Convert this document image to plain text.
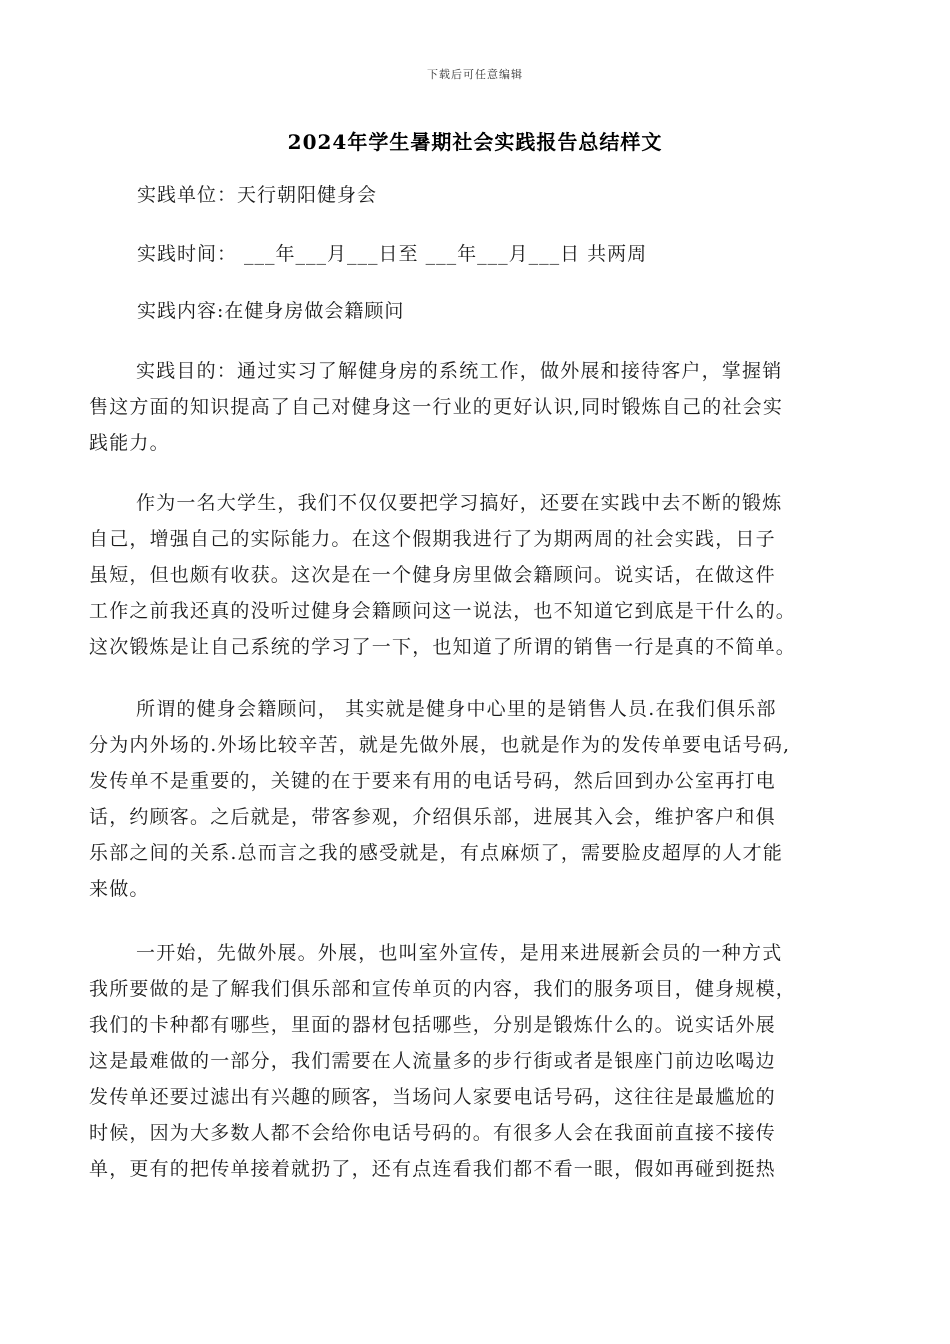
下载后可任意编辑
2024年学生暑期社会实践报告总结样文
实践单位：天行朝阳健身会
实践时间： ___年___月___日至 ___年___月___日 共两周
实践内容:在健身房做会籍顾问
实践目的：通过实习了解健身房的系统工作，做外展和接待客户，掌握销
售这方面的知识提高了自己对健身这一行业的更好认识,同时锻炼自己的社会实
践能力。
作为一名大学生，我们不仅仅要把学习搞好，还要在实践中去不断的锻炼
自己，增强自己的实际能力。在这个假期我进行了为期两周的社会实践，日子
虽短，但也颇有收获。这次是在一个健身房里做会籍顾问。说实话，在做这件
工作之前我还真的没听过健身会籍顾问这一说法，也不知道它到底是干什么的。
这次锻炼是让自己系统的学习了一下，也知道了所谓的销售一行是真的不简单。
所谓的健身会籍顾问， 其实就是健身中心里的是销售人员.在我们俱乐部
分为内外场的.外场比较辛苦，就是先做外展，也就是作为的发传单要电话号码,
发传单不是重要的，关键的在于要来有用的电话号码，然后回到办公室再打电
话，约顾客。之后就是，带客参观，介绍俱乐部，进展其入会，维护客户和俱
乐部之间的关系.总而言之我的感受就是，有点麻烦了，需要脸皮超厚的人才能
来做。
一开始，先做外展。外展，也叫室外宣传，是用来进展新会员的一种方式
我所要做的是了解我们俱乐部和宣传单页的内容，我们的服务项目，健身规模，
我们的卡种都有哪些，里面的器材包括哪些，分别是锻炼什么的。说实话外展
这是最难做的一部分，我们需要在人流量多的步行街或者是银座门前边吆喝边
发传单还要过滤出有兴趣的顾客，当场问人家要电话号码，这往往是最尴尬的
时候，因为大多数人都不会给你电话号码的。有很多人会在我面前直接不接传
单，更有的把传单接着就扔了，还有点连看我们都不看一眼，假如再碰到挺热
